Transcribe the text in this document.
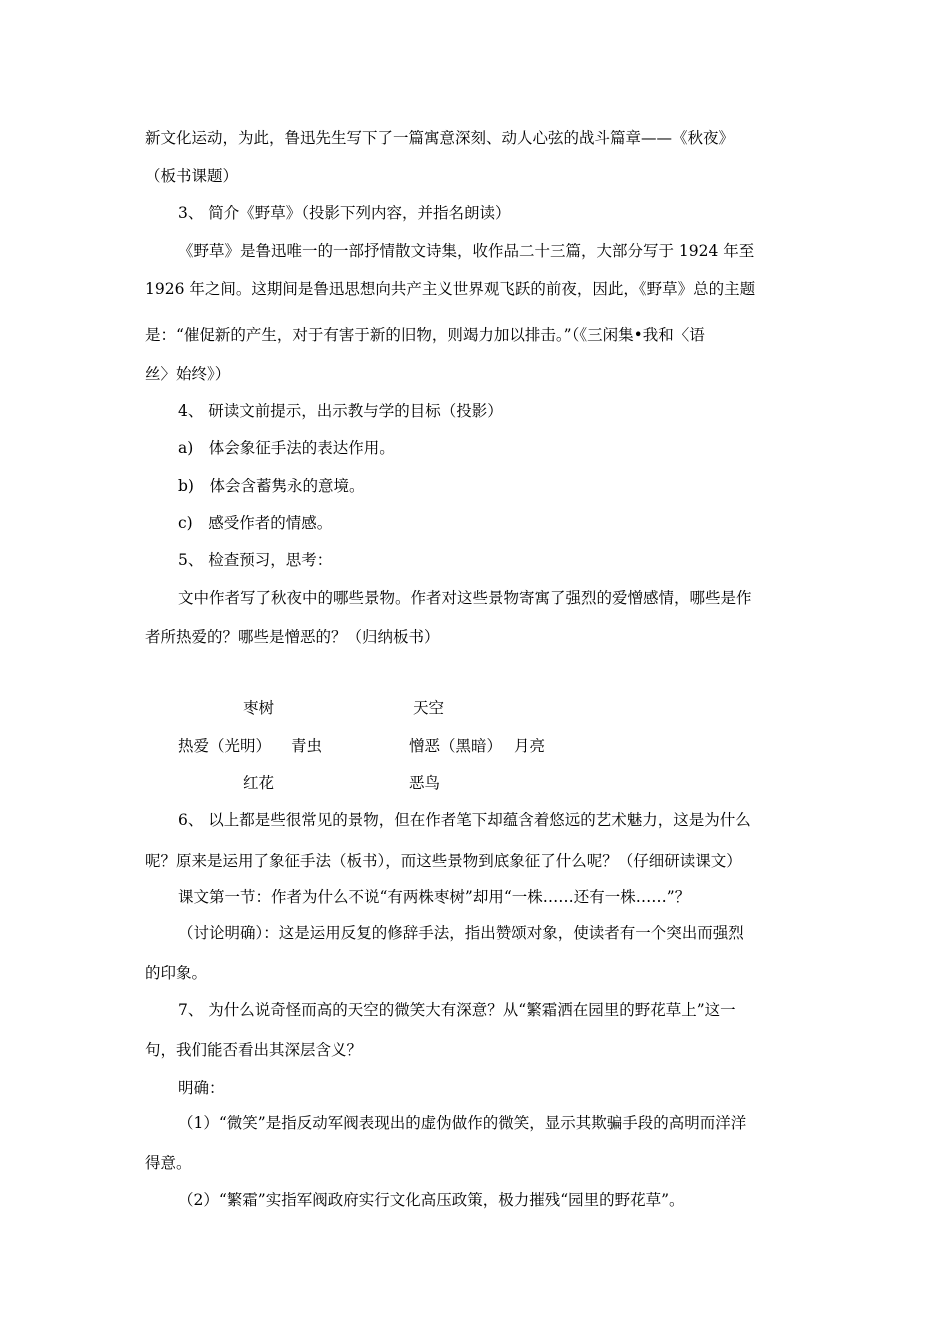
新文化运动，为此，鲁迅先生写下了一篇寓意深刻、动人心弦的战斗篇章——《秋夜》
（板书课题）
3、 简介《野草》（投影下列内容，并指名朗读）
《野草》是鲁迅唯一的一部抒情散文诗集，收作品二十三篇，大部分写于 1924 年至
1926 年之间。这期间是鲁迅思想向共产主义世界观飞跃的前夜，因此，《野草》总的主题
是：“催促新的产生，对于有害于新的旧物，则竭力加以排击。”（《三闲集•我和〈语
丝〉始终》）
4、 研读文前提示，出示教与学的目标（投影）
a)　体会象征手法的表达作用。
b)　体会含蓄隽永的意境。
c)　感受作者的情感。
5、 检查预习，思考：
文中作者写了秋夜中的哪些景物。作者对这些景物寄寓了强烈的爱憎感情，哪些是作
者所热爱的？哪些是憎恶的？（归纳板书）
枣树	天空
热爱（光明） 青虫	憎恶（黑暗） 月亮
红花	恶鸟
6、 以上都是些很常见的景物，但在作者笔下却蕴含着悠远的艺术魅力，这是为什么
呢？原来是运用了象征手法（板书），而这些景物到底象征了什么呢？（仔细研读课文）
课文第一节：作者为什么不说“有两株枣树”却用“一株……还有一株……”？
（讨论明确）：这是运用反复的修辞手法，指出赞颂对象，使读者有一个突出而强烈
的印象。
7、 为什么说奇怪而高的天空的微笑大有深意？从“繁霜洒在园里的野花草上”这一
句，我们能否看出其深层含义？
明确：
（1）“微笑”是指反动军阀表现出的虚伪做作的微笑，显示其欺骗手段的高明而洋洋
得意。
（2）“繁霜”实指军阀政府实行文化高压政策，极力摧残“园里的野花草”。
